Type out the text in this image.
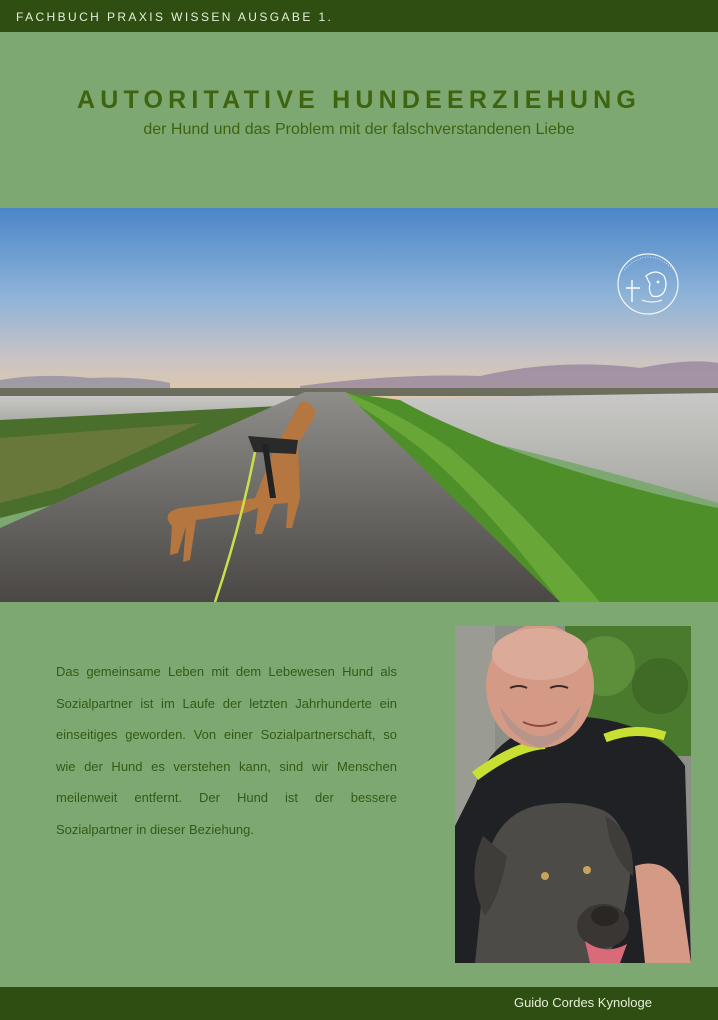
FACHBUCH PRAXIS WISSEN AUSGABE 1.
AUTORITATIVE HUNDEERZIEHUNG
der Hund und das Problem mit der falschverstandenen Liebe

Das gemeinsame Leben mit dem Lebewesen Hund als Sozialpartner ist im Laufe der letzten Jahrhunderte ein einseitiges geworden. Von einer Sozialpartnerschaft, so wie der Hund es verstehen kann, sind wir Menschen meilenweit entfernt. Der Hund ist der bessere Sozialpartner in dieser Beziehung.

Guido Cordes Kynologe
